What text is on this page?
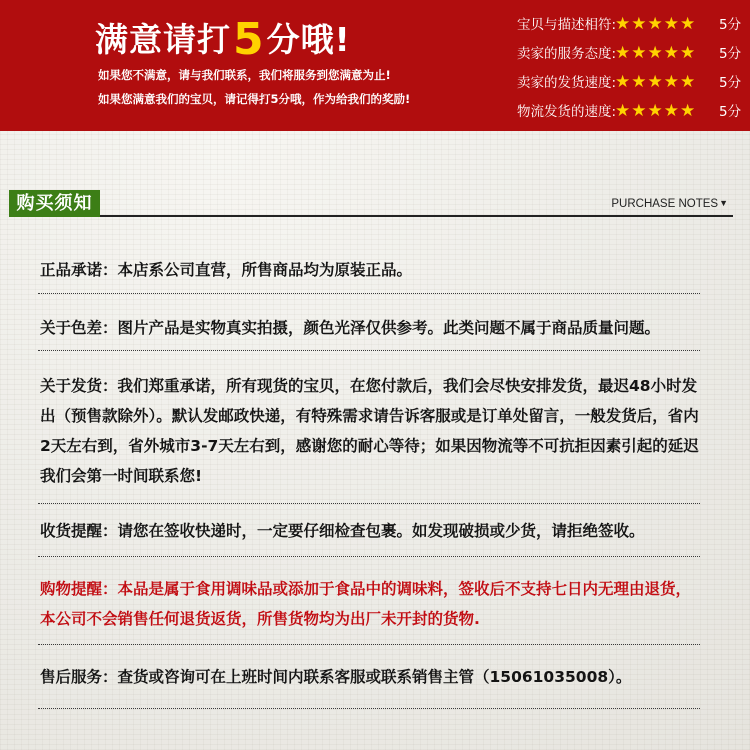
满意请打5分哦!
如果您不满意，请与我们联系，我们将服务到您满意为止!
如果您满意我们的宝贝，请记得打5分哦，作为给我们的奖励!
宝贝与描述相符:★★★★★ 5分
卖家的服务态度:★★★★★ 5分
卖家的发货速度:★★★★★ 5分
物流发货的速度:★★★★★ 5分
购买须知	PURCHASE NOTES▼
正品承诺：本店系公司直营，所售商品均为原装正品。
关于色差：图片产品是实物真实拍摄，颜色光泽仅供参考。此类问题不属于商品质量问题。
关于发货：我们郑重承诺，所有现货的宝贝，在您付款后，我们会尽快安排发货，最迟48小时发出（预售款除外）。默认发邮政快递，有特殊需求请告诉客服或是订单处留言，一般发货后，省内2天左右到，省外城市3-7天左右到，感谢您的耐心等待；如果因物流等不可抗拒因素引起的延迟我们会第一时间联系您!
收货提醒：请您在签收快递时，一定要仔细检查包裹。如发现破损或少货，请拒绝签收。
购物提醒：本品是属于食用调味品或添加于食品中的调味料，签收后不支持七日内无理由退货，本公司不会销售任何退货返货，所售货物均为出厂未开封的货物.
售后服务：查货或咨询可在上班时间内联系客服或联系销售主管（15061035008）。
